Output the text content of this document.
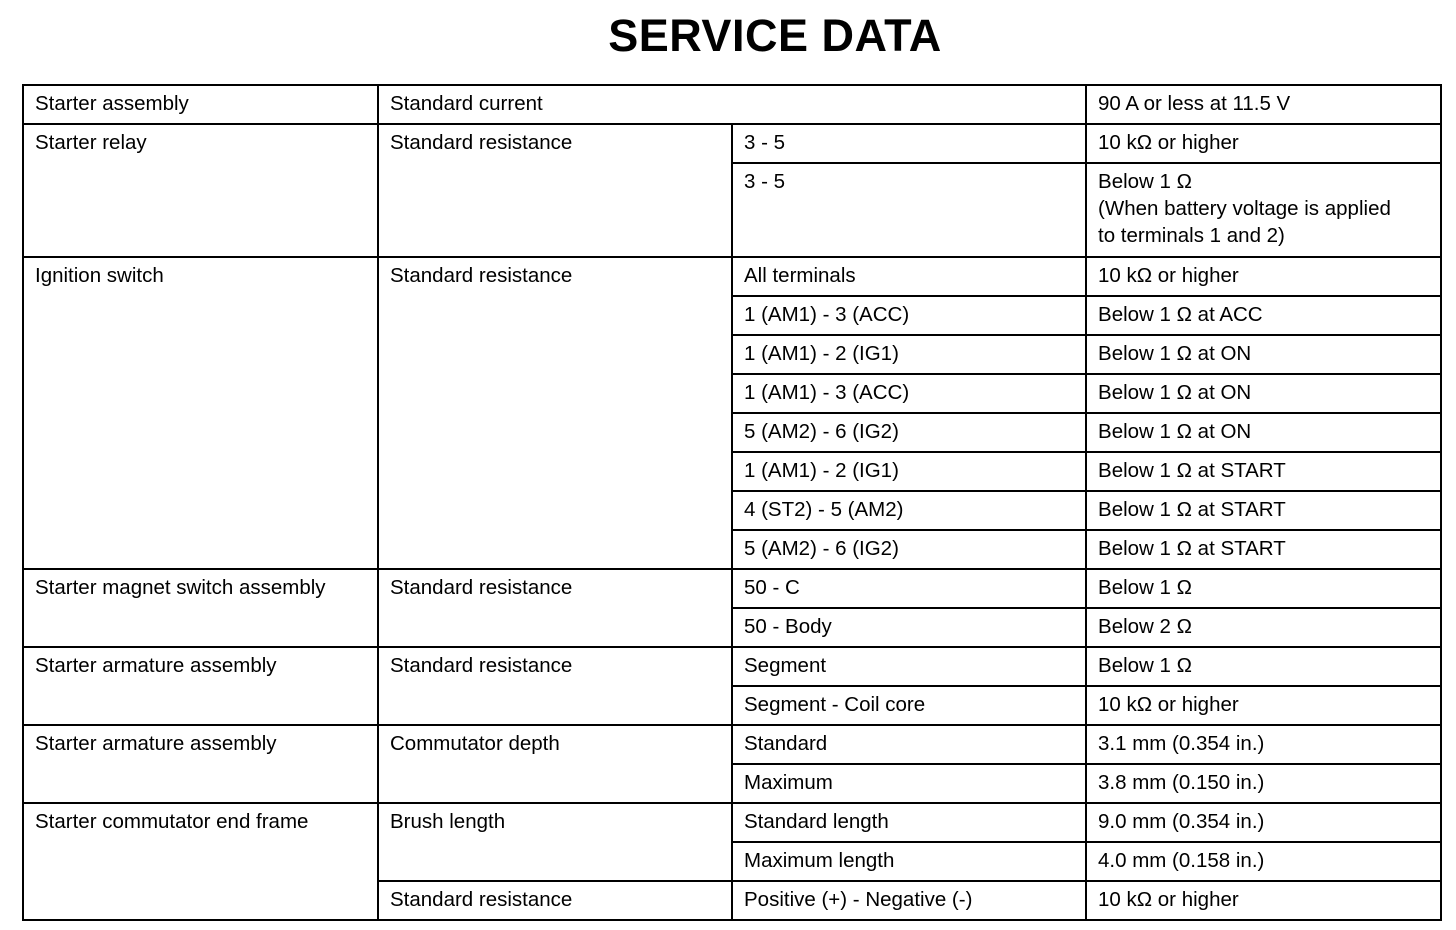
SERVICE DATA
Starter assembly	Standard current		90 A or less at 11.5 V
Starter relay	Standard resistance	3 - 5	10 kΩ or higher
		3 - 5	Below 1 Ω
(When battery voltage is applied
to terminals 1 and 2)
Ignition switch	Standard resistance	All terminals	10 kΩ or higher
		1 (AM1) - 3 (ACC)	Below 1 Ω at ACC
		1 (AM1) - 2 (IG1)	Below 1 Ω at ON
		1 (AM1) - 3 (ACC)	Below 1 Ω at ON
		5 (AM2) - 6 (IG2)	Below 1 Ω at ON
		1 (AM1) - 2 (IG1)	Below 1 Ω at START
		4 (ST2) - 5 (AM2)	Below 1 Ω at START
		5 (AM2) - 6 (IG2)	Below 1 Ω at START
Starter magnet switch assembly	Standard resistance	50 - C	Below 1 Ω
		50 - Body	Below 2 Ω
Starter armature assembly	Standard resistance	Segment	Below 1 Ω
		Segment - Coil core	10 kΩ or higher
Starter armature assembly	Commutator depth	Standard	3.1 mm (0.354 in.)
		Maximum	3.8 mm (0.150 in.)
Starter commutator end frame	Brush length	Standard length	9.0 mm (0.354 in.)
		Maximum length	4.0 mm (0.158 in.)
	Standard resistance	Positive (+) - Negative (-)	10 kΩ or higher
